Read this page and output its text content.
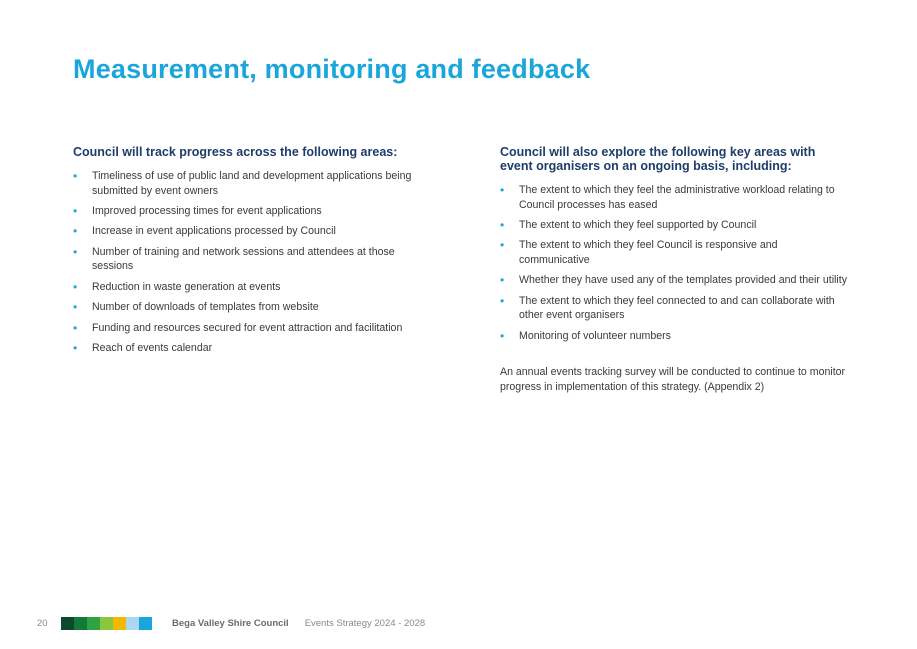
Measurement, monitoring and feedback
Council will track progress across the following areas:
• Timeliness of use of public land and development applications being submitted by event owners
• Improved processing times for event applications
• Increase in event applications processed by Council
• Number of training and network sessions and attendees at those sessions
• Reduction in waste generation at events
• Number of downloads of templates from website
• Funding and resources secured for event attraction and facilitation
• Reach of events calendar
Council will also explore the following key areas with event organisers on an ongoing basis, including:
• The extent to which they feel the administrative workload relating to Council processes has eased
• The extent to which they feel supported by Council
• The extent to which they feel Council is responsive and communicative
• Whether they have used any of the templates provided and their utility
• The extent to which they feel connected to and can collaborate with other event organisers
• Monitoring of volunteer numbers

An annual events tracking survey will be conducted to continue to monitor progress in implementation of this strategy. (Appendix 2)

20	Bega Valley Shire Council Events Strategy 2024 - 2028
